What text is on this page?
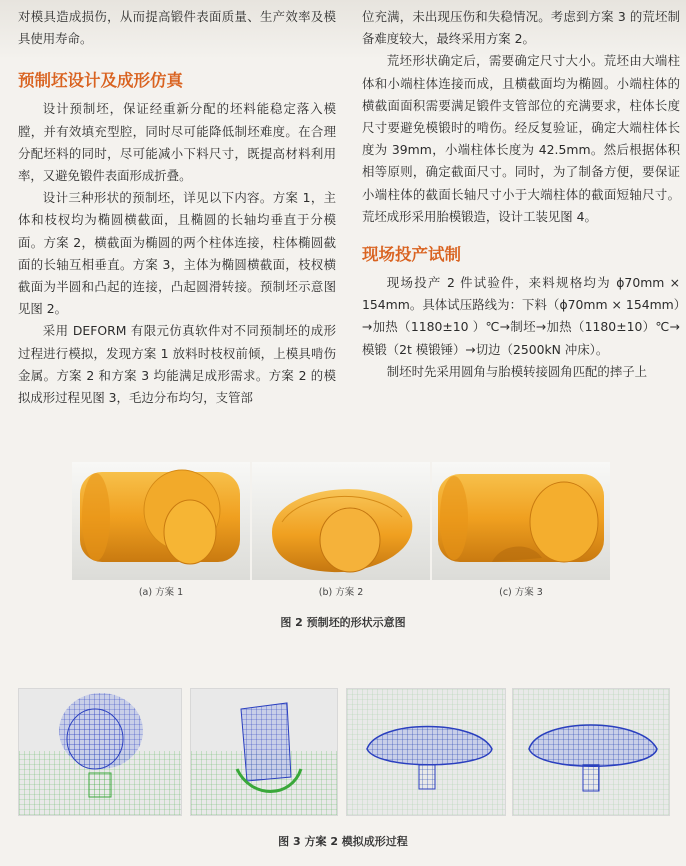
对模具造成损伤，从而提高锻件表面质量、生产效率及模具使用寿命。

预制坯设计及成形仿真

设计预制坯，保证经重新分配的坯料能稳定落入模膛，并有效填充型腔，同时尽可能降低制坯难度。在合理分配坯料的同时，尽可能减小下料尺寸，既提高材料利用率，又避免锻件表面形成折叠。

设计三种形状的预制坯，详见以下内容。方案 1，主体和枝杈均为椭圆横截面，且椭圆的长轴均垂直于分模面。方案 2，横截面为椭圆的两个柱体连接，柱体椭圆截面的长轴互相垂直。方案 3，主体为椭圆横截面，枝杈横截面为半圆和凸起的连接，凸起圆滑转接。预制坯示意图见图 2。

采用 DEFORM 有限元仿真软件对不同预制坯的成形过程进行模拟，发现方案 1 放料时枝杈前倾，上模具啃伤金属。方案 2 和方案 3 均能满足成形需求。方案 2 的模拟成形过程见图 3，毛边分布均匀，支管部

位充满，未出现压伤和失稳情况。考虑到方案 3 的荒坯制备难度较大，最终采用方案 2。

荒坯形状确定后，需要确定尺寸大小。荒坯由大端柱体和小端柱体连接而成，且横截面均为椭圆。小端柱体的横截面面积需要满足锻件支管部位的充满要求，柱体长度尺寸要避免模锻时的啃伤。经反复验证，确定大端柱体长度为 39mm，小端柱体长度为 42.5mm。然后根据体积相等原则，确定截面尺寸。同时，为了制备方便，要保证小端柱体的截面长轴尺寸小于大端柱体的截面短轴尺寸。荒坯成形采用胎模锻造，设计工装见图 4。

现场投产试制

现场投产 2 件试验件，来料规格均为 ϕ70mm × 154mm。具体试压路线为：下料（ϕ70mm × 154mm）→加热（1180±10 ）℃→制坯→加热（1180±10）℃→模锻（2t 模锻锤）→切边（2500kN 冲床）。

制坯时先采用圆角与胎模转接圆角匹配的摔子上

(a) 方案 1	(b) 方案 2	(c) 方案 3
图 2 预制坯的形状示意图
图 3 方案 2 模拟成形过程
